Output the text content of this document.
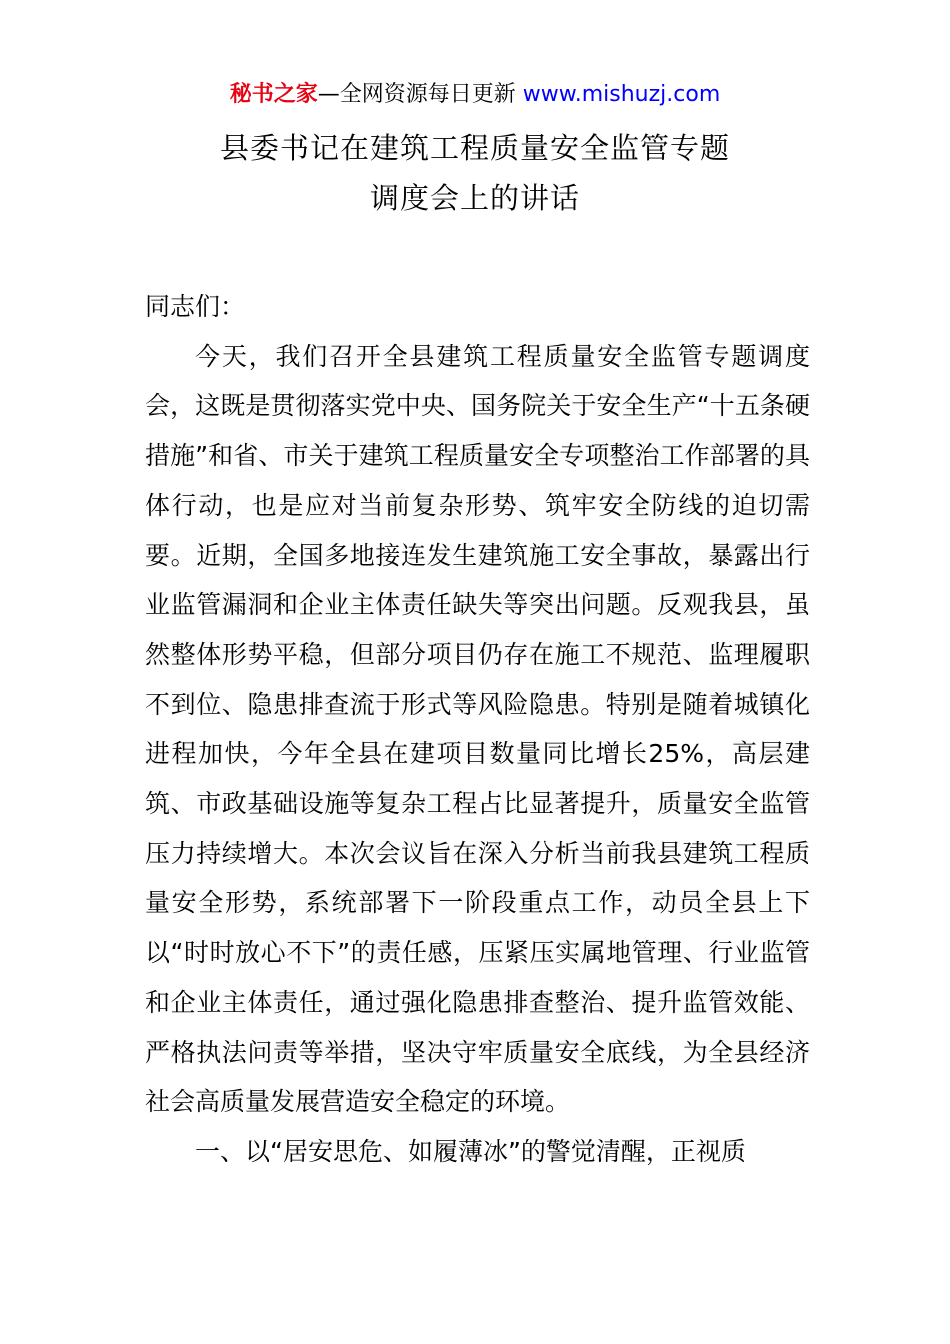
秘书之家—全网资源每日更新 www.mishuzj.com
县委书记在建筑工程质量安全监管专题
调度会上的讲话

同志们：

今天，我们召开全县建筑工程质量安全监管专题调度会，这既是贯彻落实党中央、国务院关于安全生产“十五条硬措施”和省、市关于建筑工程质量安全专项整治工作部署的具体行动，也是应对当前复杂形势、筑牢安全防线的迫切需要。近期，全国多地接连发生建筑施工安全事故，暴露出行业监管漏洞和企业主体责任缺失等突出问题。反观我县，虽然整体形势平稳，但部分项目仍存在施工不规范、监理履职不到位、隐患排查流于形式等风险隐患。特别是随着城镇化进程加快，今年全县在建项目数量同比增长25%，高层建筑、市政基础设施等复杂工程占比显著提升，质量安全监管压力持续增大。本次会议旨在深入分析当前我县建筑工程质量安全形势，系统部署下一阶段重点工作，动员全县上下以“时时放心不下”的责任感，压紧压实属地管理、行业监管和企业主体责任，通过强化隐患排查整治、提升监管效能、严格执法问责等举措，坚决守牢质量安全底线，为全县经济社会高质量发展营造安全稳定的环境。

一、以“居安思危、如履薄冰”的警觉清醒，正视质
